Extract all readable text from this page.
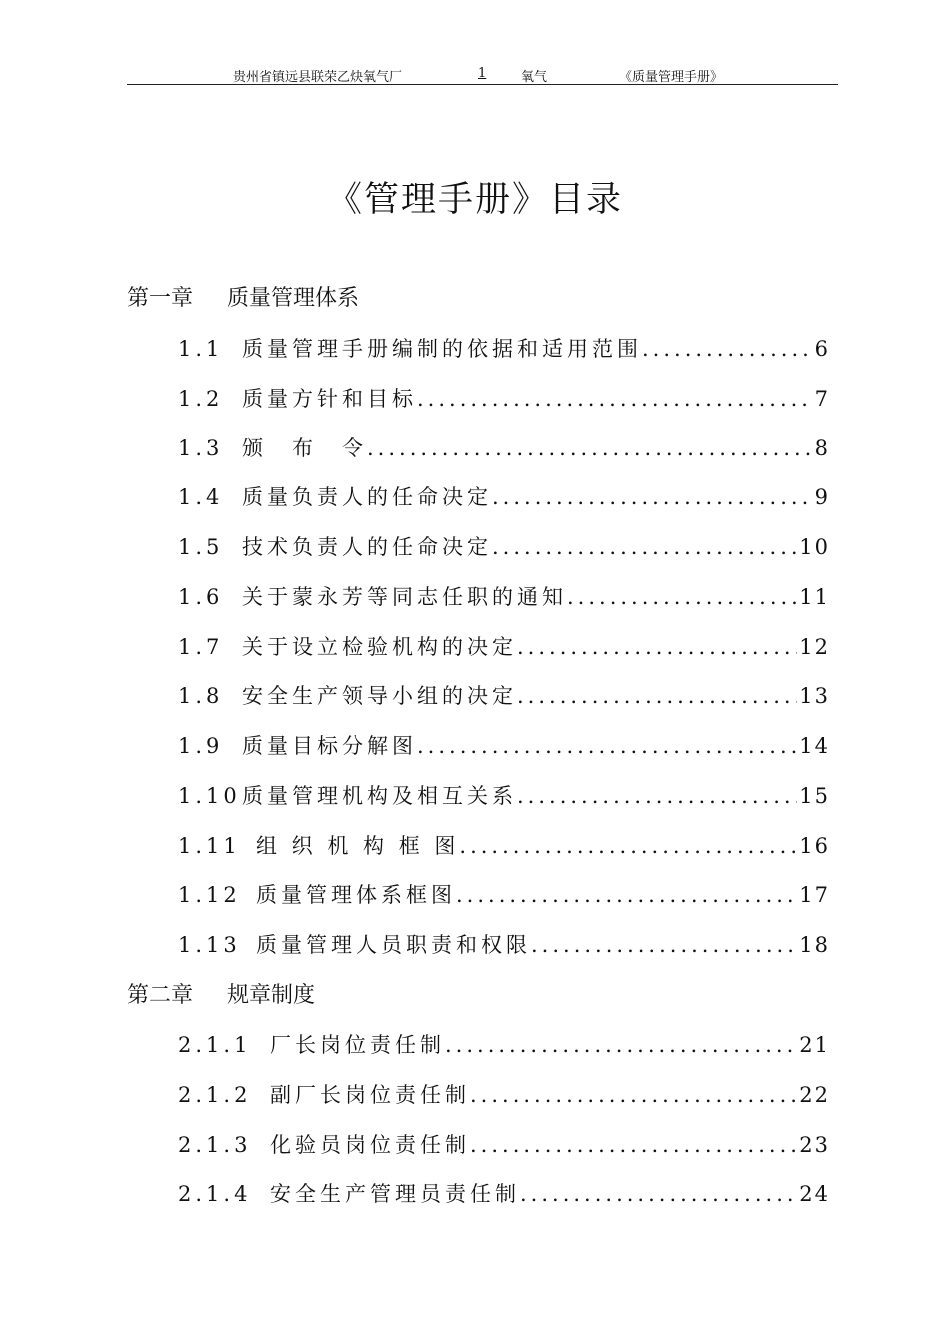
贵州省镇远县联荣乙炔氧气厂	1	氧气	《质量管理手册》
《管理手册》目录
第一章 质量管理体系
1.1 质量管理手册编制的依据和适用范围 .....	6
1.2 质量方针和目标 .....	7
1.3 颁　布　令 .....	8
1.4 质量负责人的任命决定 .....	9
1.5 技术负责人的任命决定 .....	10
1.6 关于蒙永芳等同志任职的通知 .....	11
1.7 关于设立检验机构的决定 .....	12
1.8 安全生产领导小组的决定 .....	13
1.9 质量目标分解图 .....	14
1.10 质量管理机构及相互关系 .....	15
1.11 组 织 机 构 框 图 .....	16
1.12 质量管理体系框图 .....	17
1.13 质量管理人员职责和权限 .....	18
第二章 规章制度
2.1.1 厂长岗位责任制 .....	21
2.1.2 副厂长岗位责任制 .....	22
2.1.3 化验员岗位责任制 .....	23
2.1.4 安全生产管理员责任制 .....	24
